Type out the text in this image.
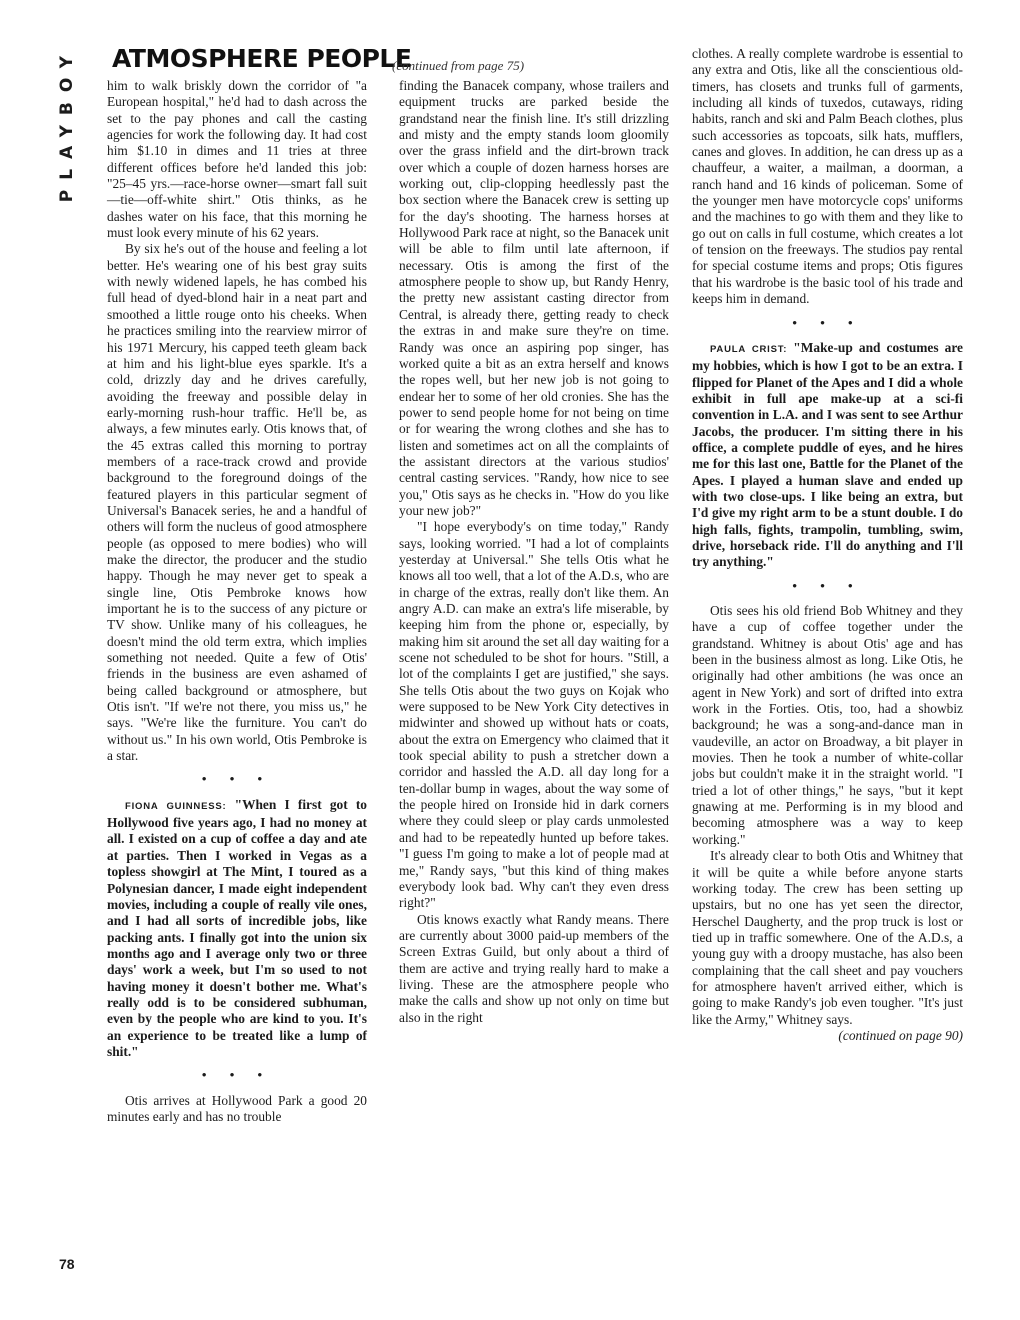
PLAYBOY
78
ATMOSPHERE PEOPLE
(continued from page 75)

him to walk briskly down the corridor of "a European hospital," he'd had to dash across the set to the pay phones and call the casting agencies for work the following day. It had cost him $1.10 in dimes and 11 tries at three different offices before he'd landed this job: "25–45 yrs.—race-horse owner—smart fall suit—tie—off-white shirt." Otis thinks, as he dashes water on his face, that this morning he must look every minute of his 62 years.

By six he's out of the house and feeling a lot better. He's wearing one of his best gray suits with newly widened lapels, he has combed his full head of dyed-blond hair in a neat part and smoothed a little rouge onto his cheeks. When he practices smiling into the rearview mirror of his 1971 Mercury, his capped teeth gleam back at him and his light-blue eyes sparkle. It's a cold, drizzly day and he drives carefully, avoiding the freeway and possible delay in early-morning rush-hour traffic. He'll be, as always, a few minutes early. Otis knows that, of the 45 extras called this morning to portray members of a race-track crowd and provide background to the foreground doings of the featured players in this particular segment of Universal's Banacek series, he and a handful of others will form the nucleus of good atmosphere people (as opposed to mere bodies) who will make the director, the producer and the studio happy. Though he may never get to speak a single line, Otis Pembroke knows how important he is to the success of any picture or TV show. Unlike many of his colleagues, he doesn't mind the old term extra, which implies something not needed. Quite a few of Otis' friends in the business are even ashamed of being called background or atmosphere, but Otis isn't. "If we're not there, you miss us," he says. "We're like the furniture. You can't do without us." In his own world, Otis Pembroke is a star.

• • •

FIONA GUINNESS: "When I first got to Hollywood five years ago, I had no money at all. I existed on a cup of coffee a day and ate at parties. Then I worked in Vegas as a topless showgirl at The Mint, I toured as a Polynesian dancer, I made eight independent movies, including a couple of really vile ones, and I had all sorts of incredible jobs, like packing ants. I finally got into the union six months ago and I average only two or three days' work a week, but I'm so used to not having money it doesn't bother me. What's really odd is to be considered subhuman, even by the people who are kind to you. It's an experience to be treated like a lump of shit."

• • •

Otis arrives at Hollywood Park a good 20 minutes early and has no trouble

finding the Banacek company, whose trailers and equipment trucks are parked beside the grandstand near the finish line. It's still drizzling and misty and the empty stands loom gloomily over the grass infield and the dirt-brown track over which a couple of dozen harness horses are working out, clip-clopping heedlessly past the box section where the Banacek crew is setting up for the day's shooting. The harness horses at Hollywood Park race at night, so the Banacek unit will be able to film until late afternoon, if necessary. Otis is among the first of the atmosphere people to show up, but Randy Henry, the pretty new assistant casting director from Central, is already there, getting ready to check the extras in and make sure they're on time. Randy was once an aspiring pop singer, has worked quite a bit as an extra herself and knows the ropes well, but her new job is not going to endear her to some of her old cronies. She has the power to send people home for not being on time or for wearing the wrong clothes and she has to listen and sometimes act on all the complaints of the assistant directors at the various studios' central casting services. "Randy, how nice to see you," Otis says as he checks in. "How do you like your new job?"

"I hope everybody's on time today," Randy says, looking worried. "I had a lot of complaints yesterday at Universal." She tells Otis what he knows all too well, that a lot of the A.D.s, who are in charge of the extras, really don't like them. An angry A.D. can make an extra's life miserable, by keeping him from the phone or, especially, by making him sit around the set all day waiting for a scene not scheduled to be shot for hours. "Still, a lot of the complaints I get are justified," she says. She tells Otis about the two guys on Kojak who were supposed to be New York City detectives in midwinter and showed up without hats or coats, about the extra on Emergency who claimed that it took special ability to push a stretcher down a corridor and hassled the A.D. all day long for a ten-dollar bump in wages, about the way some of the people hired on Ironside hid in dark corners where they could sleep or play cards unmolested and had to be repeatedly hunted up before takes. "I guess I'm going to make a lot of people mad at me," Randy says, "but this kind of thing makes everybody look bad. Why can't they even dress right?"

Otis knows exactly what Randy means. There are currently about 3000 paid-up members of the Screen Extras Guild, but only about a third of them are active and trying really hard to make a living. These are the atmosphere people who make the calls and show up not only on time but also in the right

clothes. A really complete wardrobe is essential to any extra and Otis, like all the conscientious old-timers, has closets and trunks full of garments, including all kinds of tuxedos, cutaways, riding habits, ranch and ski and Palm Beach clothes, plus such accessories as topcoats, silk hats, mufflers, canes and gloves. In addition, he can dress up as a chauffeur, a waiter, a mailman, a doorman, a ranch hand and 16 kinds of policeman. Some of the younger men have motorcycle cops' uniforms and the machines to go with them and they like to go out on calls in full costume, which creates a lot of tension on the freeways. The studios pay rental for special costume items and props; Otis figures that his wardrobe is the basic tool of his trade and keeps him in demand.

• • •

PAULA CRIST: "Make-up and costumes are my hobbies, which is how I got to be an extra. I flipped for Planet of the Apes and I did a whole exhibit in full ape make-up at a sci-fi convention in L.A. and I was sent to see Arthur Jacobs, the producer. I'm sitting there in his office, a complete puddle of eyes, and he hires me for this last one, Battle for the Planet of the Apes. I played a human slave and ended up with two close-ups. I like being an extra, but I'd give my right arm to be a stunt double. I do high falls, fights, trampolin, tumbling, swim, drive, horseback ride. I'll do anything and I'll try anything."

• • •

Otis sees his old friend Bob Whitney and they have a cup of coffee together under the grandstand. Whitney is about Otis' age and has been in the business almost as long. Like Otis, he originally had other ambitions (he was once an agent in New York) and sort of drifted into extra work in the Forties. Otis, too, had a showbiz background; he was a song-and-dance man in vaudeville, an actor on Broadway, a bit player in movies. Then he took a number of white-collar jobs but couldn't make it in the straight world. "I tried a lot of other things," he says, "but it kept gnawing at me. Performing is in my blood and becoming atmosphere was a way to keep working."

It's already clear to both Otis and Whitney that it will be quite a while before anyone starts working today. The crew has been setting up upstairs, but no one has yet seen the director, Herschel Daugherty, and the prop truck is lost or tied up in traffic somewhere. One of the A.D.s, a young guy with a droopy mustache, has also been complaining that the call sheet and pay vouchers for atmosphere haven't arrived either, which is going to make Randy's job even tougher. "It's just like the Army," Whitney says.

(continued on page 90)
